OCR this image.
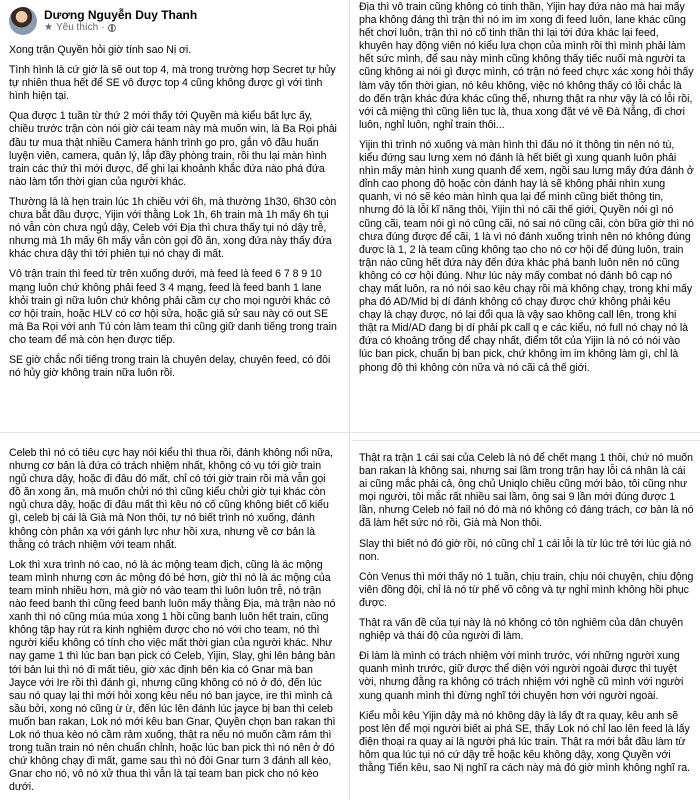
Dương Nguyễn Duy Thanh
★ Yêu thích ·

Xong trận Quyền hỏi giờ tính sao Nị ơi.

Tình hình là cứ giờ là sẽ out top 4, mà trong trường hợp Secret tự hủy tự nhiên thua hết để SE vô được top 4 cũng không được gì với tình hình hiện tại.

Qua được 1 tuần từ thứ 2 mới thấy tới Quyền mà kiểu bất lực ấy, chiều trước trận còn nói giờ cái team này mà muốn win, là Ba Rọi phải đầu tư mua thật nhiều Camera hành trình go pro, gắn vô đầu huấn luyện viên, camera, quản lý, lắp đầy phòng train, rồi thu lại màn hình train các thứ thì mới được, để ghi lại khoảnh khắc đứa nào phá đứa nào làm tổn thời gian của người khác.

Thường là là hẹn train lúc 1h chiều với 6h, mà thường 1h30, 6h30 còn chưa bắt đầu được, Yijin với thằng Lok 1h, 6h train mà 1h mấy 6h tụi nó vẫn còn chưa ngủ dậy, Celeb với Địa thì chưa thấy tụi nó dậy trễ, nhưng mà 1h mấy 6h mấy vẫn còn gọi đồ ăn, xong đứa này thấy đứa khác chưa dậy thì tới phiên tụi nó chạy đi mất.

Vô trận train thì feed từ trên xuống dưới, mà feed là feed 6 7 8 9 10 mạng luôn chứ không phải feed 3 4 mạng, feed là feed banh 1 lane khỏi train gì nữa luôn chứ không phải cầm cự cho mọi người khác có cơ hội train, hoặc HLV có cơ hội sửa, hoặc giả sử sau này có out SE mà Ba Rọi với anh Tú còn làm team thì cũng giữ danh tiếng trong train cho team để mà còn hẹn được tiếp.

SE giờ chắc nổi tiếng trong train là chuyên delay, chuyên feed, có đôi nó hủy giờ không train nữa luôn rồi.

Celeb thì nó có tiêu cực hay nói kiểu thì thua rồi, đánh không nổi nữa, nhưng cơ bản là đứa có trách nhiệm nhất, không có vụ tới giờ train ngủ chưa dậy, hoặc đi đâu đó mất, chỉ có tới giờ train rồi mà vẫn gọi đồ ăn xong ăn, mà muốn chửi nó thì cũng kiểu chửi giờ tụi khác còn ngủ chưa dậy, hoặc đi đâu mất thì kêu nó cố cũng không biết cố kiểu gì, celeb bị cái là Già mà Non thôi, tự nó biết trình nó xuống, đánh không còn phản xạ với gánh lực như hồi xưa, nhưng về cơ bản là thằng có trách nhiệm với team nhất.

Lok thì xưa trình nó cao, nó là ác mộng team địch, cũng là ác mộng team mình nhưng cơn ác mộng đó bé hơn, giờ thì nó là ác mộng của team mình nhiều hơn, mà giờ nó vào team thì luôn luôn trễ, nó trận nào feed banh thì cũng feed banh luôn mấy thằng Địa, mà trận nào nó xanh thì nó cũng múa múa xong 1 hồi cũng banh luôn hết train, cũng không tập hay rút ra kinh nghiệm được cho nó với cho team, nó thì người kiểu không có tính cho việc mất thời gian của người khác. Như nay game 1 thì lúc ban bạn pick có Celeb, Yijin, Slay, ghi lên bảng bản tới bản lui thì nó đi mất tiêu, giờ xác định bên kia có Gnar mà ban Jayce với Ire rồi thì đánh gì, nhưng cũng không có nó ở đó, đến lúc sau nó quay lại thì mới hỏi xong kêu nếu nó ban jayce, ire thì mình cả sầu bởi, xong nó cũng ừ ừ, đến lúc lên đánh lúc jayce bị ban thì celeb muốn ban rakan, Lok nó mới kêu ban Gnar, Quyền chọn ban rakan thì Lok nó thua kèo nó cầm rảm xuống, thật ra nếu nó muốn cầm rảm thì trong tuần train nó nên chuẩn chỉnh, hoặc lúc ban pick thì nó nên ở đó chứ không chạy đi mất, game sau thì nó đòi Gnar turn 3 đánh all kèo, Gnar cho nó, vô nó xử thua thì vẫn là tại team ban pick cho nó kèo dưới.

Địa thì vô train cũng không có tinh thần, Yijin hay đứa nào mà hai mấy pha không đáng thì trận thì nó im im xong đi feed luôn, lane khác cũng hết chơi luôn, trận thì nó cố tinh thần thì lại tới đứa khác lại feed, khuyên hay động viên nó kiểu lựa chọn của mình rồi thì mình phải làm hết sức mình, để sau này mình cũng không thấy tiếc nuối mà người ta cũng không ai nói gì được mình, có trận nó feed chực xác xong hỏi thấy làm vậy tốn thời gian, nó kêu không, việc nó không thấy có lỗi chắc là do đến trận khác đứa khác cũng thế, nhưng thật ra như vậy là có lỗi rồi, với cả miệng thì cũng liên tục là, thua xong đặt vé về Đà Nẵng, đi chơi luôn, nghỉ luôn, nghỉ train thôi...

Yijin thì trình nó xuống và màn hình thì đấu nó ít thông tin nên nó tù, kiểu đứng sau lưng xem nó đánh là hết biết gì xung quanh luôn phải nhìn mấy màn hình xung quanh để xem, ngồi sau lưng mấy đứa đánh ở đỉnh cao phong độ hoặc còn đánh hay là sẽ không phải nhìn xung quanh, vì nó sẽ kéo màn hình qua lại để mình cũng biết thông tin, nhưng đó là lỗi kĩ năng thôi, Yijin thì nó cãi thế giới, Quyền nói gì nó cũng cãi, team nói gì nó cũng cãi, nó sai nó cũng cãi, còn bữa giờ thì nó chưa đúng được để cãi, 1 là vì nó đánh xuống trình nên nó không đúng được là 1, 2 là team cũng không tạo cho nó cơ hội để đúng luôn, train trận nào cũng hết đứa này đến đứa khác phá banh luôn nên nó cũng không có cơ hội đúng. Như lúc này mấy combat nó đánh bô cạp nó chạy mất luôn, ra nó nói sao kêu chạy rồi mà không chạy, trong khi mấy pha đó AD/Mid bị dí đánh không có chạy được chứ không phải kêu chạy là chạy được, nó lại đổi qua là vậy sao không call lên, trong khi thật ra Mid/AD đang bị dí phải pk call q e các kiểu, nó full nó chạy nó là đứa có khoảng trống để chạy nhất, điểm tốt của Yijin là nó có nói vào lúc ban pick, chuẩn bị ban pick, chứ không im im không làm gì, chỉ là phong độ thì không còn nữa và nó cãi cả thế giới.

Thật ra trận 1 cái sai của Celeb là nó để chết mạng 1 thôi, chứ nó muốn ban rakan là không sai, nhưng sai lầm trong trận hay lỗi cá nhân là cái ai cũng mắc phải cả, ông chủ Uniqlo chiều cũng mới bảo, tôi cũng như mọi người, tôi mắc rất nhiều sai lầm, ông sai 9 lần mới đúng được 1 lần, nhưng Celeb nó fail nó đó mà nó không có đáng trách, cơ bản là nó đã làm hết sức nó rồi, Già mà Non thôi.

Slay thì biết nó đó giờ rồi, nó cũng chỉ 1 cái lỗi là từ lúc trẻ tới lúc già nó non.

Còn Venus thì mới thấy nó 1 tuần, chịu train, chịu nói chuyện, chịu động viên đồng đội, chỉ là nó từ phế võ công và tự nghỉ mình không hồi phục được.

Thật ra vấn đề của tụi này là nó không có tôn nghiêm của dân chuyên nghiệp và thái độ của người đi làm.

Đi làm là mình có trách nhiệm với mình trước, với những người xung quanh mình trước, giữ được thể diện với người ngoài được thì tuyệt vời, nhưng đằng ra không có trách nhiệm với nghề cũ mình với người xung quanh mình thì đừng nghĩ tới chuyện hơn với người ngoài.

Kiểu mỗi kêu Yijin dậy mà nó không dậy là lấy đt ra quay, kêu anh sẽ post lên để mọi người biết ai phá SE, thấy Lok nó chỉ lao lên feed là lấy điện thoại ra quay ai là người phá lúc train. Thật ra mới bắt đầu làm từ hôm qua lúc tụi nó cứ dậy trễ hoặc kêu không dậy, xong Quyền với thằng Tiến kêu, sao Nị nghĩ ra cách này mà đó giờ mình không nghĩ ra.
